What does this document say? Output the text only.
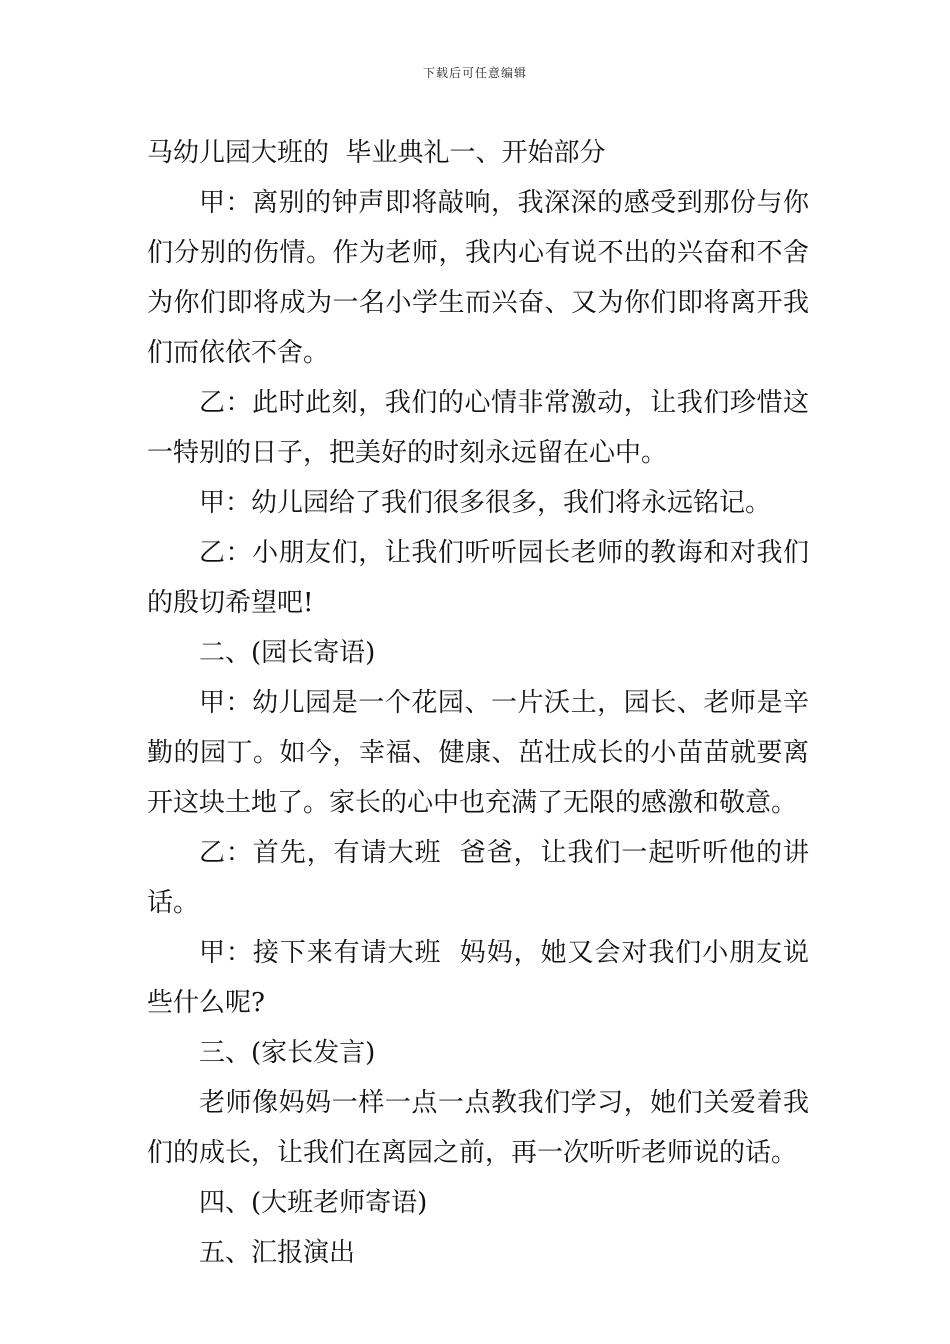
下载后可任意编辑

马幼儿园大班的  毕业典礼一、开始部分

甲：离别的钟声即将敲响，我深深的感受到那份与你们分别的伤情。作为老师，我内心有说不出的兴奋和不舍为你们即将成为一名小学生而兴奋、又为你们即将离开我们而依依不舍。

乙：此时此刻，我们的心情非常激动，让我们珍惜这一特别的日子，把美好的时刻永远留在心中。

甲：幼儿园给了我们很多很多，我们将永远铭记。

乙：小朋友们，让我们听听园长老师的教诲和对我们的殷切希望吧!

二、(园长寄语)

甲：幼儿园是一个花园、一片沃土，园长、老师是辛勤的园丁。如今，幸福、健康、茁壮成长的小苗苗就要离开这块土地了。家长的心中也充满了无限的感激和敬意。

乙：首先，有请大班  爸爸，让我们一起听听他的讲话。

甲：接下来有请大班  妈妈，她又会对我们小朋友说些什么呢?

三、(家长发言)

老师像妈妈一样一点一点教我们学习，她们关爱着我们的成长，让我们在离园之前，再一次听听老师说的话。

四、(大班老师寄语)

五、汇报演出
